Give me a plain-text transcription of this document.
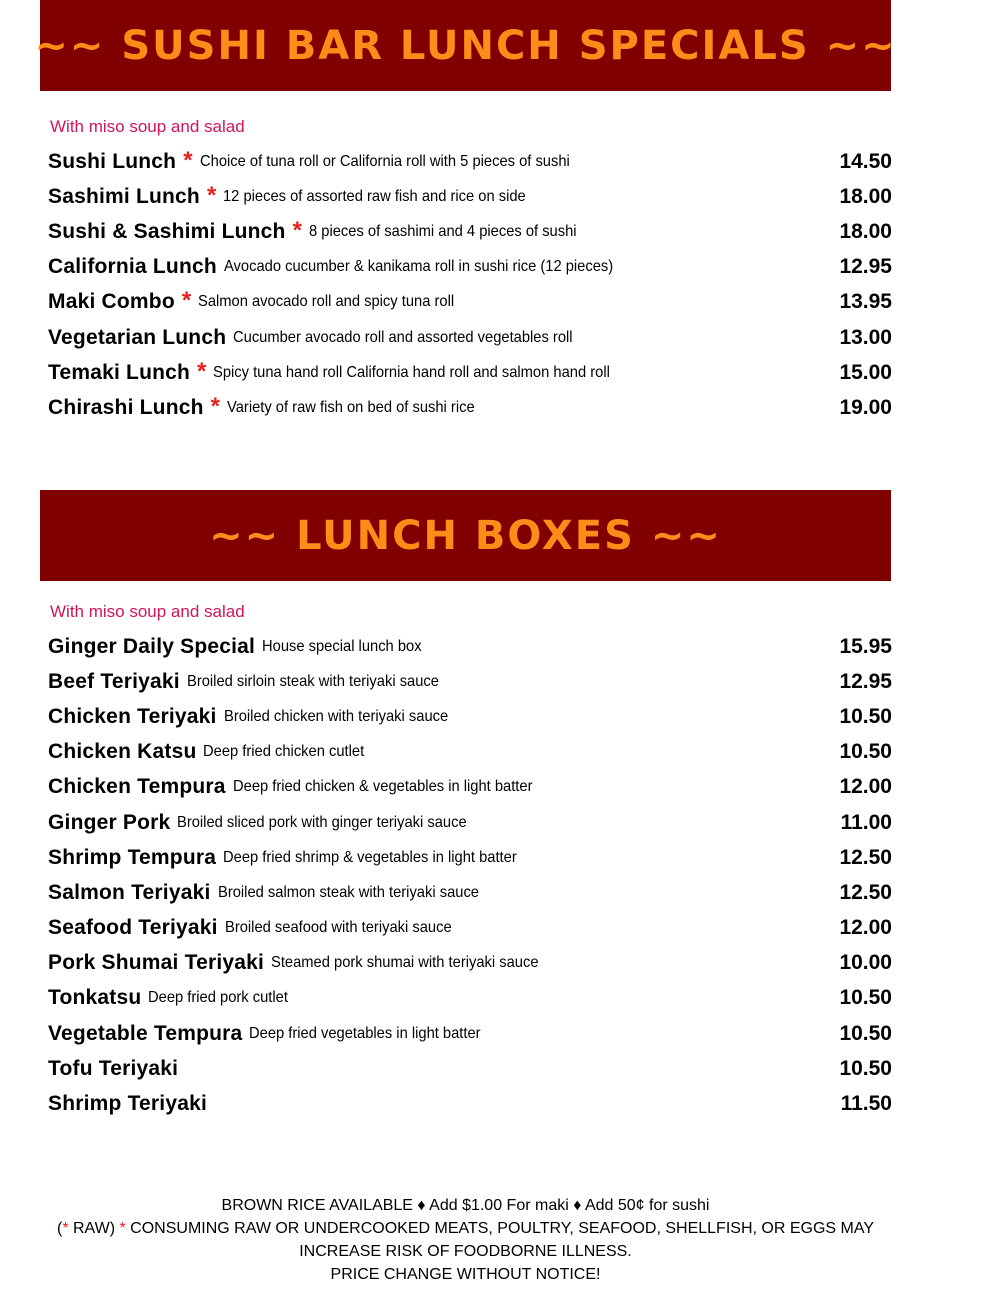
~~ SUSHI BAR LUNCH SPECIALS ~~
With miso soup and salad
Sushi Lunch * Choice of tuna roll or California roll with 5 pieces of sushi	14.50
Sashimi Lunch * 12 pieces of assorted raw fish and rice on side	18.00
Sushi & Sashimi Lunch * 8 pieces of sashimi and 4 pieces of sushi	18.00
California Lunch Avocado cucumber & kanikama roll in sushi rice (12 pieces)	12.95
Maki Combo * Salmon avocado roll and spicy tuna roll	13.95
Vegetarian Lunch Cucumber avocado roll and assorted vegetables roll	13.00
Temaki Lunch * Spicy tuna hand roll California hand roll and salmon hand roll	15.00
Chirashi Lunch * Variety of raw fish on bed of sushi rice	19.00
~~ LUNCH BOXES ~~
With miso soup and salad
Ginger Daily Special House special lunch box	15.95
Beef Teriyaki Broiled sirloin steak with teriyaki sauce	12.95
Chicken Teriyaki Broiled chicken with teriyaki sauce	10.50
Chicken Katsu Deep fried chicken cutlet	10.50
Chicken Tempura Deep fried chicken & vegetables in light batter	12.00
Ginger Pork Broiled sliced pork with ginger teriyaki sauce	11.00
Shrimp Tempura Deep fried shrimp & vegetables in light batter	12.50
Salmon Teriyaki Broiled salmon steak with teriyaki sauce	12.50
Seafood Teriyaki Broiled seafood with teriyaki sauce	12.00
Pork Shumai Teriyaki Steamed pork shumai with teriyaki sauce	10.00
Tonkatsu Deep fried pork cutlet	10.50
Vegetable Tempura Deep fried vegetables in light batter	10.50
Tofu Teriyaki	10.50
Shrimp Teriyaki	11.50
BROWN RICE AVAILABLE ♦ Add $1.00 For maki ♦ Add 50¢ for sushi
(* RAW) * CONSUMING RAW OR UNDERCOOKED MEATS, POULTRY, SEAFOOD, SHELLFISH, OR EGGS MAY
INCREASE RISK OF FOODBORNE ILLNESS.
PRICE CHANGE WITHOUT NOTICE!
